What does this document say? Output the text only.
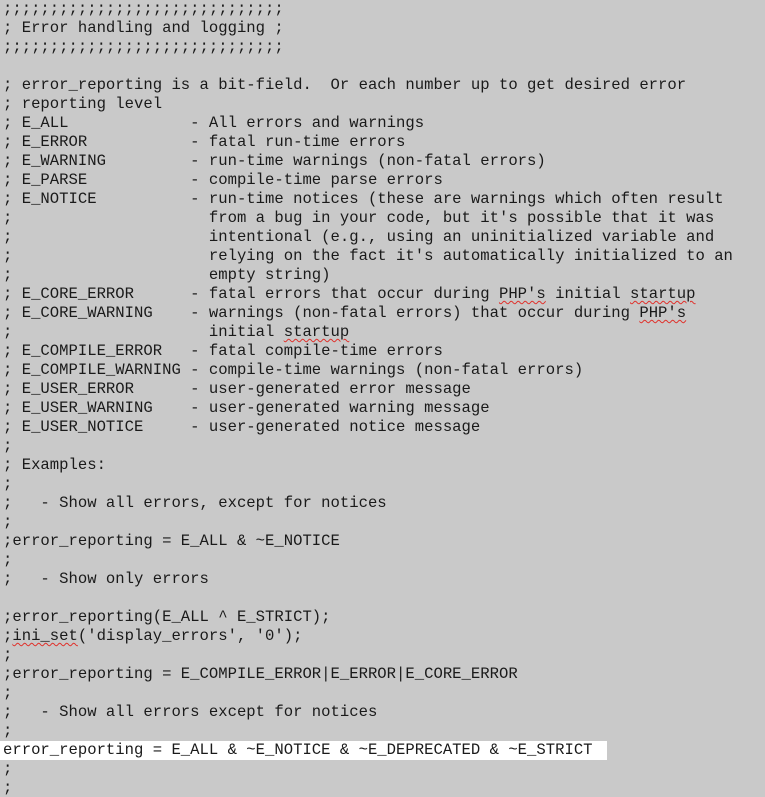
;;;;;;;;;;;;;;;;;;;;;;;;;;;;;;
; Error handling and logging ;
;;;;;;;;;;;;;;;;;;;;;;;;;;;;;;
; error_reporting is a bit-field.  Or each number up to get desired error
; reporting level
; E_ALL             - All errors and warnings
; E_ERROR           - fatal run-time errors
; E_WARNING         - run-time warnings (non-fatal errors)
; E_PARSE           - compile-time parse errors
; E_NOTICE          - run-time notices (these are warnings which often result
;                     from a bug in your code, but it's possible that it was
;                     intentional (e.g., using an uninitialized variable and
;                     relying on the fact it's automatically initialized to an
;                     empty string)
; E_CORE_ERROR      - fatal errors that occur during PHP's initial startup
; E_CORE_WARNING    - warnings (non-fatal errors) that occur during PHP's
;                     initial startup
; E_COMPILE_ERROR   - fatal compile-time errors
; E_COMPILE_WARNING - compile-time warnings (non-fatal errors)
; E_USER_ERROR      - user-generated error message
; E_USER_WARNING    - user-generated warning message
; E_USER_NOTICE     - user-generated notice message
;
; Examples:
;
;   - Show all errors, except for notices
;
;error_reporting = E_ALL & ~E_NOTICE
;
;   - Show only errors
;error_reporting(E_ALL ^ E_STRICT);
;ini_set('display_errors', '0');
;
;error_reporting = E_COMPILE_ERROR|E_ERROR|E_CORE_ERROR
;
;   - Show all errors except for notices
;
error_reporting = E_ALL & ~E_NOTICE & ~E_DEPRECATED & ~E_STRICT
;
;
